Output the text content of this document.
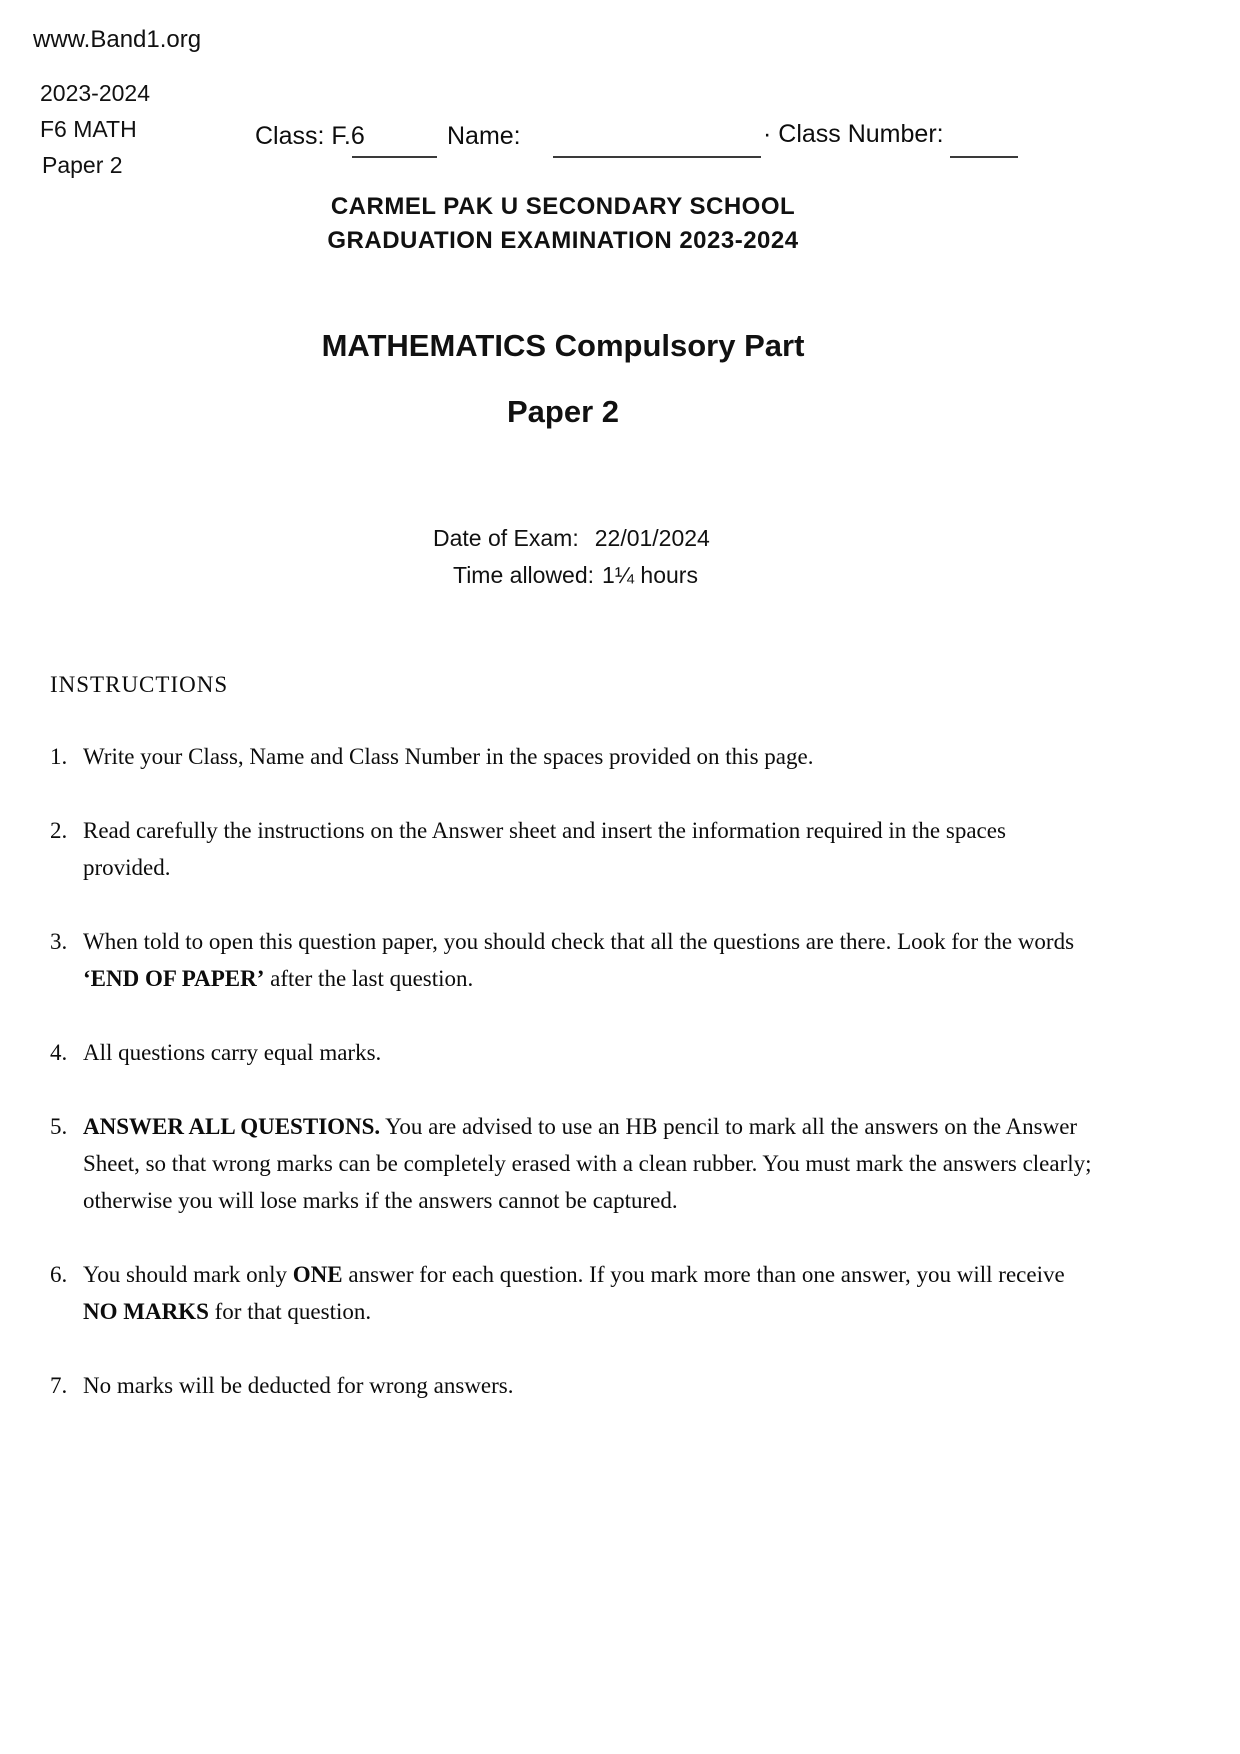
www.Band1.org
2023-2024
F6 MATH
Paper 2
Class: F.6	Name:	· Class Number:
CARMEL PAK U SECONDARY SCHOOL
GRADUATION EXAMINATION 2023-2024
MATHEMATICS Compulsory Part
Paper 2
Date of Exam: 22/01/2024
Time allowed: 1¼ hours
INSTRUCTIONS
1. Write your Class, Name and Class Number in the spaces provided on this page.
2. Read carefully the instructions on the Answer sheet and insert the information required in the spaces provided.
3. When told to open this question paper, you should check that all the questions are there. Look for the words ‘END OF PAPER’ after the last question.
4. All questions carry equal marks.
5. ANSWER ALL QUESTIONS. You are advised to use an HB pencil to mark all the answers on the Answer Sheet, so that wrong marks can be completely erased with a clean rubber. You must mark the answers clearly; otherwise you will lose marks if the answers cannot be captured.
6. You should mark only ONE answer for each question. If you mark more than one answer, you will receive NO MARKS for that question.
7. No marks will be deducted for wrong answers.
